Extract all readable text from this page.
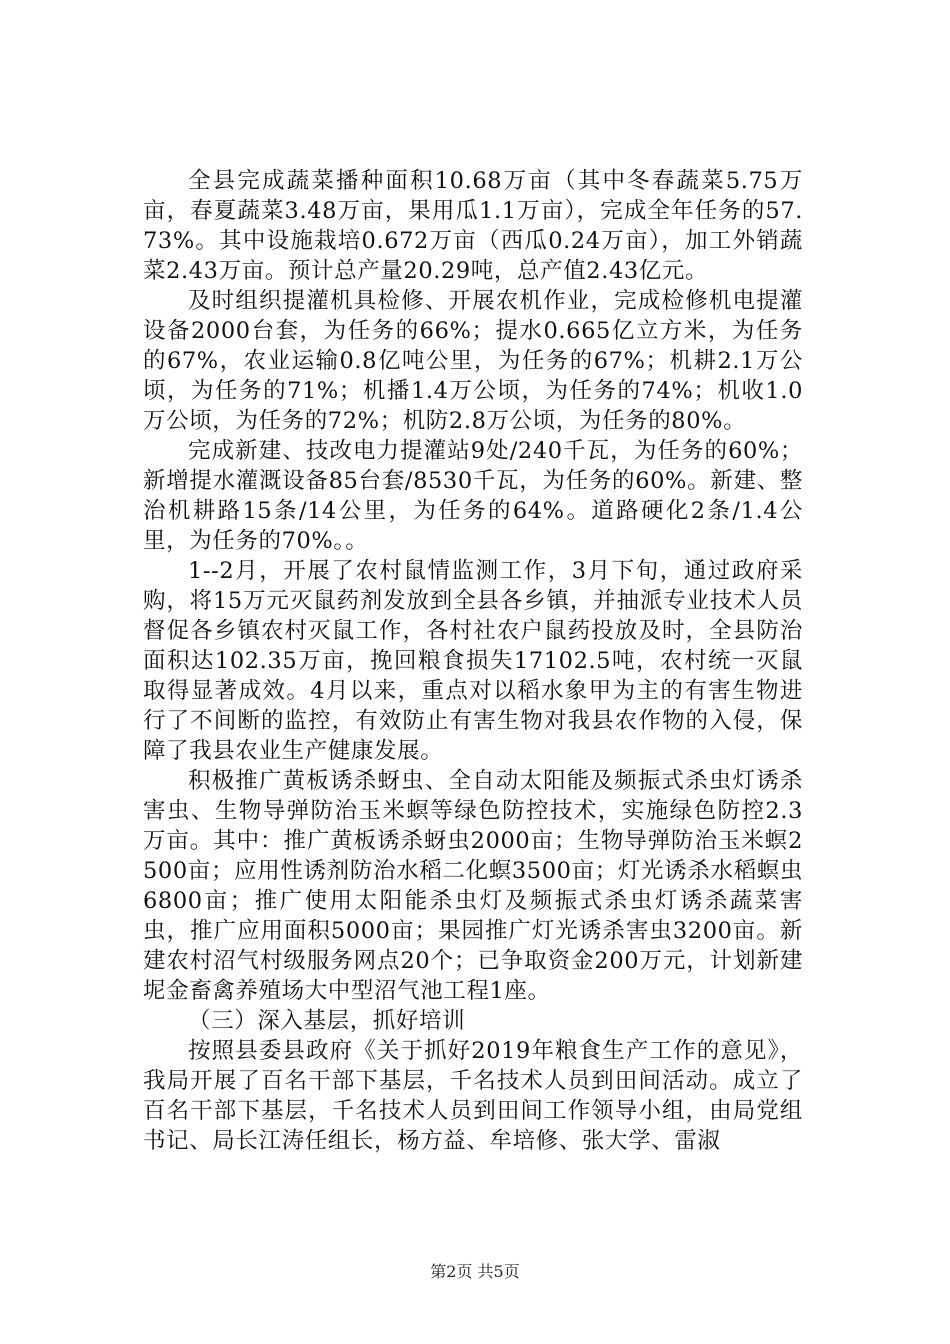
全县完成蔬菜播种面积10.68万亩（其中冬春蔬菜5.75万亩，春夏蔬菜3.48万亩，果用瓜1.1万亩），完成全年任务的57.73%。其中设施栽培0.672万亩（西瓜0.24万亩），加工外销蔬菜2.43万亩。预计总产量20.29吨，总产值2.43亿元。

及时组织提灌机具检修、开展农机作业，完成检修机电提灌设备2000台套，为任务的66%；提水0.665亿立方米，为任务的67%，农业运输0.8亿吨公里，为任务的67%；机耕2.1万公顷，为任务的71%；机播1.4万公顷，为任务的74%；机收1.0万公顷，为任务的72%；机防2.8万公顷，为任务的80%。

完成新建、技改电力提灌站9处/240千瓦，为任务的60%；新增提水灌溉设备85台套/8530千瓦，为任务的60%。新建、整治机耕路15条/14公里，为任务的64%。道路硬化2条/1.4公里，为任务的70%。。

1--2月，开展了农村鼠情监测工作，3月下旬，通过政府采购，将15万元灭鼠药剂发放到全县各乡镇，并抽派专业技术人员督促各乡镇农村灭鼠工作，各村社农户鼠药投放及时，全县防治面积达102.35万亩，挽回粮食损失17102.5吨，农村统一灭鼠取得显著成效。4月以来，重点对以稻水象甲为主的有害生物进行了不间断的监控，有效防止有害生物对我县农作物的入侵，保障了我县农业生产健康发展。

积极推广黄板诱杀蚜虫、全自动太阳能及频振式杀虫灯诱杀害虫、生物导弹防治玉米螟等绿色防控技术，实施绿色防控2.3万亩。其中：推广黄板诱杀蚜虫2000亩；生物导弹防治玉米螟2500亩；应用性诱剂防治水稻二化螟3500亩；灯光诱杀水稻螟虫6800亩；推广使用太阳能杀虫灯及频振式杀虫灯诱杀蔬菜害虫，推广应用面积5000亩；果园推广灯光诱杀害虫3200亩。新建农村沼气村级服务网点20个；已争取资金200万元，计划新建坭金畜禽养殖场大中型沼气池工程1座。

（三）深入基层，抓好培训

按照县委县政府《关于抓好2019年粮食生产工作的意见》，我局开展了百名干部下基层，千名技术人员到田间活动。成立了百名干部下基层，千名技术人员到田间工作领导小组，由局党组书记、局长江涛任组长，杨方益、牟培修、张大学、雷淑

第2页 共5页
